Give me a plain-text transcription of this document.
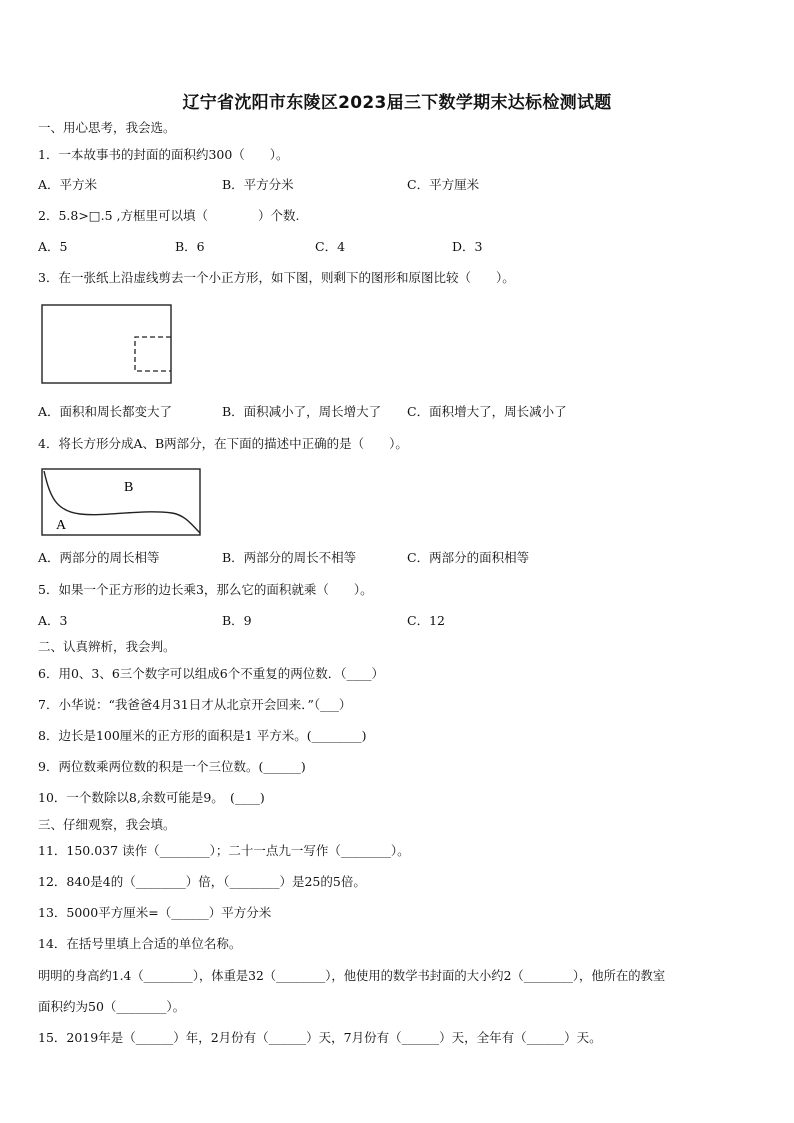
辽宁省沈阳市东陵区2023届三下数学期末达标检测试题
一、用心思考，我会选。
1．一本故事书的封面的面积约300（　　）。
A．平方米	B．平方分米	C．平方厘米
2．5.8>□.5 ,方框里可以填（　　　　）个数.
A．5	B．6	C．4	D．3
3．在一张纸上沿虚线剪去一个小正方形，如下图，则剩下的图形和原图比较（　　）。
A．面积和周长都变大了	B．面积减小了，周长增大了 C．面积增大了，周长减小了
4．将长方形分成A、B两部分，在下面的描述中正确的是（　　）。
B
A
A．两部分的周长相等	B．两部分的周长不相等	C．两部分的面积相等
5．如果一个正方形的边长乘3，那么它的面积就乘（　　）。
A．3	B．9	C．12
二、认真辨析，我会判。
6．用0、3、6三个数字可以组成6个不重复的两位数．（____）
7．小华说：“我爸爸4月31日才从北京开会回来．”（___）
8．边长是100厘米的正方形的面积是1 平方米。(________)
9．两位数乘两位数的积是一个三位数。(______)
10．一个数除以8,余数可能是9。　(____)
三、仔细观察，我会填。
11．150.037 读作（________）；二十一点九一写作（________）。
12．840是4的（________）倍，（________）是25的5倍。
13．5000平方厘米=（______）平方分米
14．在括号里填上合适的单位名称。
明明的身高约1.4（________），体重是32（________），他使用的数学书封面的大小约2（________），他所在的教室
面积约为50（________）。
15．2019年是（______）年，2月份有（______）天，7月份有（______）天，全年有（______）天。
